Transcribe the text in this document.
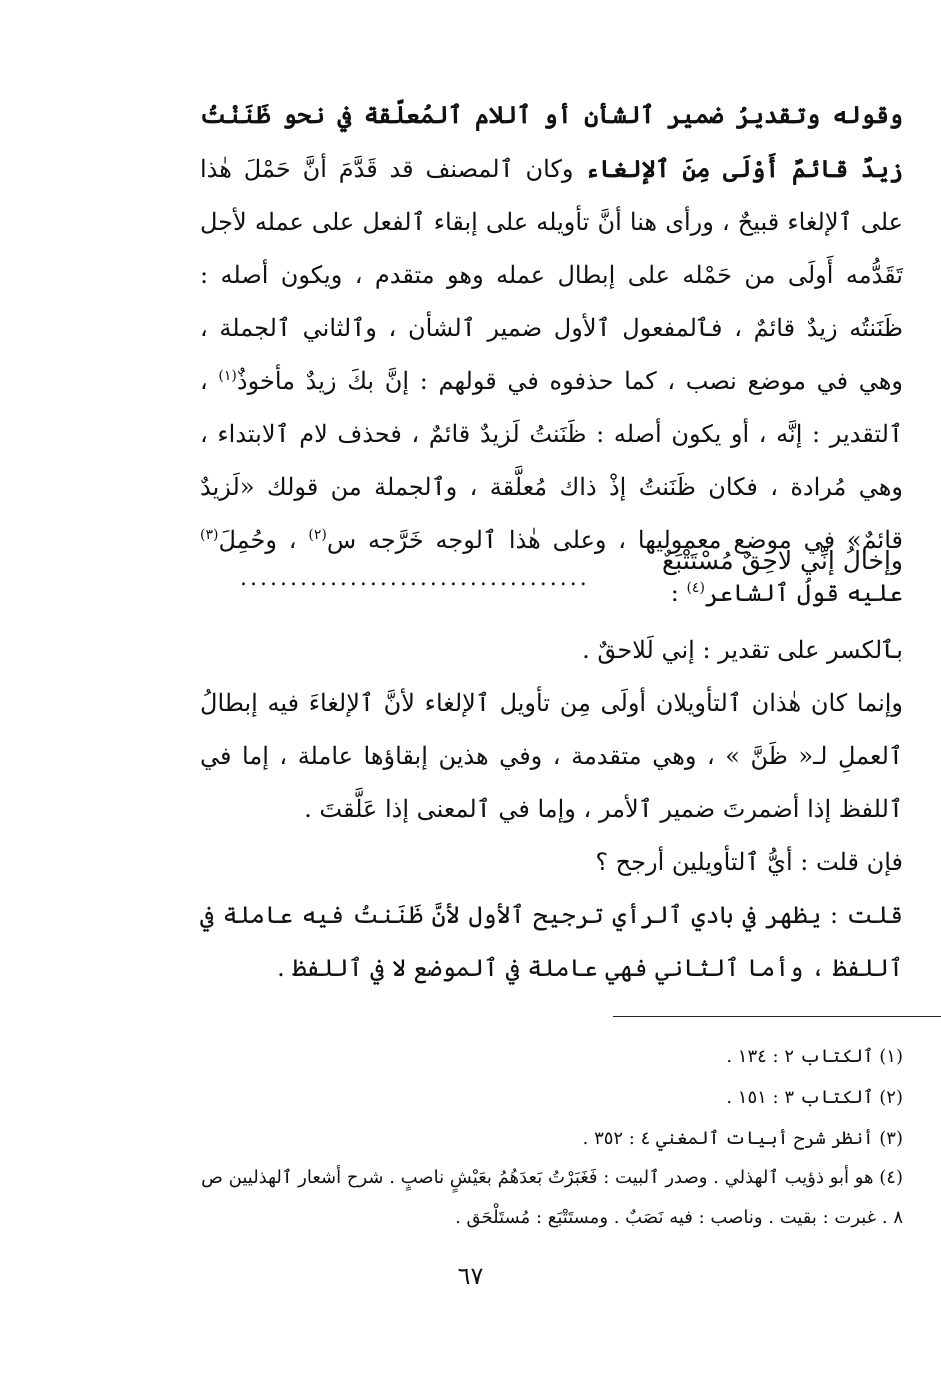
وقوله وتقديرُ ضمير ٱلشأن أو ٱللام ٱلمُعلّقة في نحو ظَنَنْتُ زيدٌ قائمٌ أَوْلَى مِنَ ٱلإلغاء وكان ٱلمصنف قد قَدَّمَ أنَّ حَمْلَ هٰذا على ٱلإلغاء قبيحٌ ، ورأى هنا أنَّ تأويله على إبقاء ٱلفعل على عمله لأجل تَقَدُّمه أَولَى من حَمْله على إبطال عمله وهو متقدم ، ويكون أصله : ظَنَنتُه زيدٌ قائمٌ ، فٱلمفعول ٱلأول ضمير ٱلشأن ، وٱلثاني ٱلجملة ، وهي في موضع نصب ، كما حذفوه في قولهم : إنَّ بكَ زيدٌ مأخوذٌ$^{(١)}$ ، ٱلتقدير : إنَّه ، أو يكون أصله : ظَنَنتُ لَزيدٌ قائمٌ ، فحذف لام ٱلابتداء ، وهي مُرادة ، فكان ظَنَنتُ إذْ ذاك مُعلَّقة ، وٱلجملة من قولك «لَزيدٌ قائمٌ» في موضع معموليها ، وعلى هٰذا ٱلوجه خَرَّجه س$^{(٢)}$ ، وحُمِلَ$^{(٣)}$ عليه قولُ ٱلشاعر$^{(٤)}$ :
وإخالُ إنِّي لاحِقٌ مُسْتَتْبَعٌ
...................................
بٱلكسر على تقدير : إني لَلاحقٌ .
وإنما كان هٰذان ٱلتأويلان أولَى مِن تأويل ٱلإلغاء لأنَّ ٱلإلغاءَ فيه إبطالُ ٱلعملِ لـ« ظَنَّ » ، وهي متقدمة ، وفي هذين إبقاؤها عاملة ، إما في ٱللفظ إذا أضمرتَ ضمير ٱلأمر ، وإما في ٱلمعنى إذا عَلَّقتَ .
فإن قلت : أيُّ ٱلتأويلين أرجح ؟
قلت : يظهر في بادي ٱلرأي ترجيح ٱلأول لأنَّ ظَنَنتُ فيه عاملة في ٱللفظ ، وأما ٱلثاني فهي عاملة في ٱلموضع لا في ٱللفظ .
(١) ٱلكتاب ٢ : ١٣٤ .
(٢) ٱلكتاب ٣ : ١٥١ .
(٣) أنظر شرح أبيات ٱلمغني ٤ : ٣٥٢ .
(٤) هو أبو ذؤيب ٱلهذلي . وصدر ٱلبيت : فَغَبَرْتُ بَعدَهُمُ بعَيْشٍ ناصبٍ . شرح أشعار ٱلهذليين ص ٨ . غبرت : بقيت . وناصب : فيه نَصَبٌ . ومستَتْبَع : مُستَلْحَق .
٦٧
